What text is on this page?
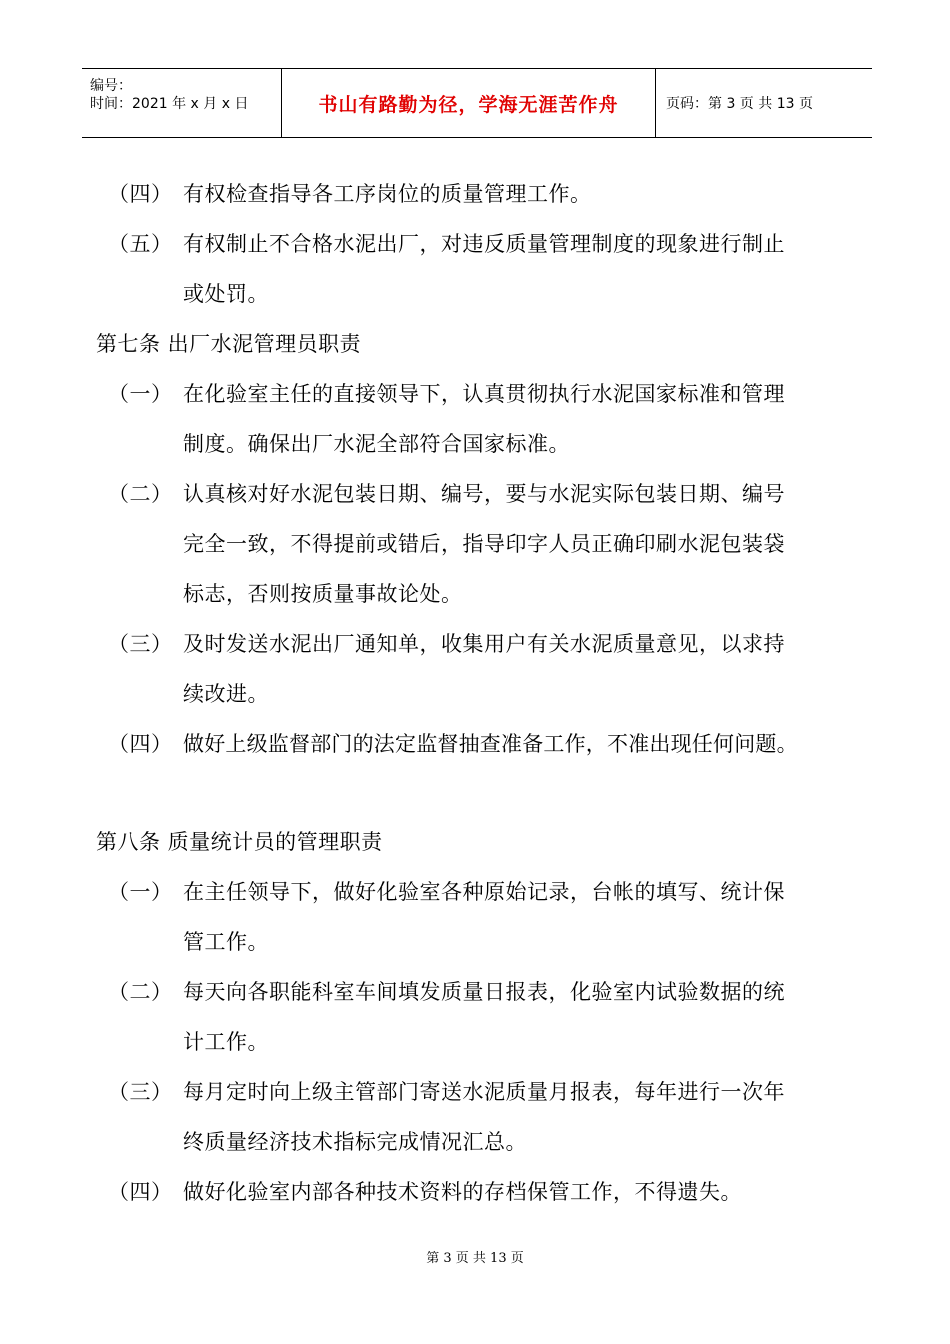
编号：
时间：2021 年 x 月 x 日	书山有路勤为径，学海无涯苦作舟	页码：第 3 页 共 13 页
（四） 有权检查指导各工序岗位的质量管理工作。
（五） 有权制止不合格水泥出厂，对违反质量管理制度的现象进行制止
或处罚。
第七条 出厂水泥管理员职责
（一） 在化验室主任的直接领导下，认真贯彻执行水泥国家标准和管理
制度。确保出厂水泥全部符合国家标准。
（二） 认真核对好水泥包装日期、编号，要与水泥实际包装日期、编号
完全一致，不得提前或错后，指导印字人员正确印刷水泥包装袋
标志，否则按质量事故论处。
（三） 及时发送水泥出厂通知单，收集用户有关水泥质量意见，以求持
续改进。
（四） 做好上级监督部门的法定监督抽查准备工作，不准出现任何问题。
第八条 质量统计员的管理职责
（一） 在主任领导下，做好化验室各种原始记录，台帐的填写、统计保
管工作。
（二） 每天向各职能科室车间填发质量日报表，化验室内试验数据的统
计工作。
（三） 每月定时向上级主管部门寄送水泥质量月报表，每年进行一次年
终质量经济技术指标完成情况汇总。
（四） 做好化验室内部各种技术资料的存档保管工作，不得遗失。
第 3 页 共 13 页
